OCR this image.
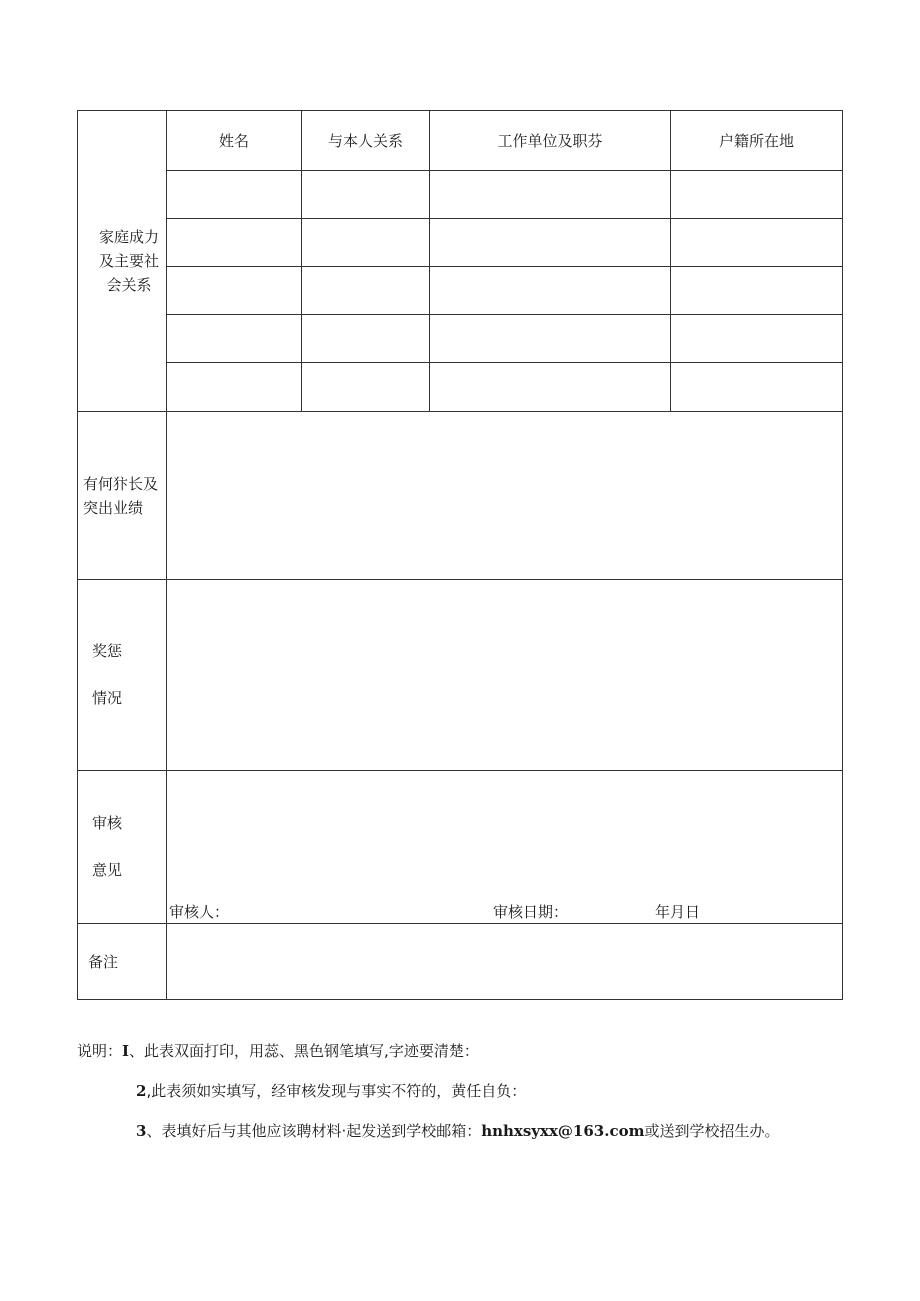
家庭成力
及主要社
会关系	姓名	与本人关系	工作单位及职芬	户籍所在地

有何犿长及
突出业绩				

奖惩
情况				

审核
意见	审核人： 审核日期： 年月日			

备注				
说明：I、此表双面打印，用蕊、黑色钢笔填写,字迹要清楚：
2,此表须如实填写，经审核发现与事实不符的，黄任自负：
3、表填好后与其他应该聘材料·起发送到学校邮箱：hnhxsyxx@163.com或送到学校招生办。
